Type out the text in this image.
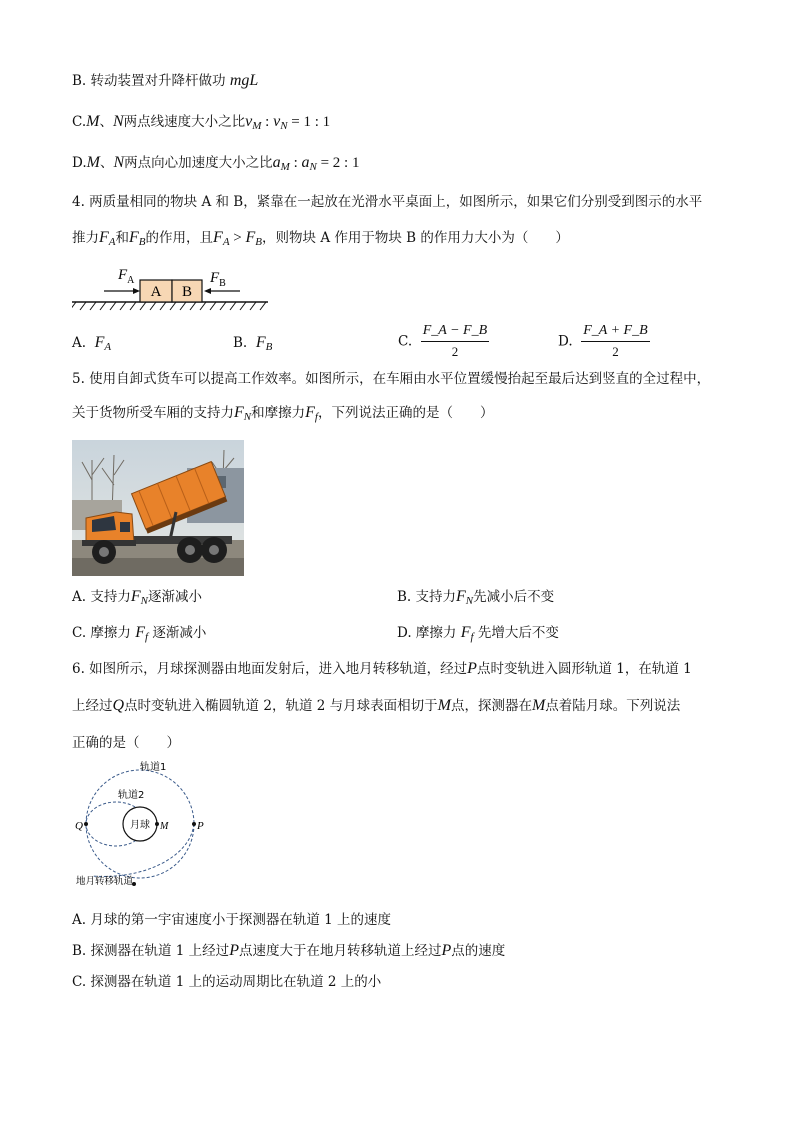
B. 转动装置对升降杆做功 mgL
C.M、N两点线速度大小之比$v_M$ : $v_N = 1$ : 1
D.M、N两点向心加速度大小之比$a_M$ : $a_N = 2$ : 1
4. 两质量相同的物块 A 和 B，紧靠在一起放在光滑水平桌面上，如图所示，如果它们分别受到图示的水平
推力$F_A$和$F_B$的作用，且$F_A > F_B$，则物块 A 作用于物块 B 的作用力大小为（　　）
A B
$F_A$	$F_B$
A. $F_A$	B. $F_B$	C. $\frac{F\_A - F\_B}{2}$	D. $\frac{F\_A + F\_B}{2}$
5. 使用自卸式货车可以提高工作效率。如图所示，在车厢由水平位置缓慢抬起至最后达到竖直的全过程中，
关于货物所受车厢的支持力$F_N$和摩擦力$F_f$，下列说法正确的是（　　）
A. 支持力$F_N$逐渐减小	B. 支持力$F_N$先减小后不变
C. 摩擦力 $F_f$ 逐渐减小	D. 摩擦力 $F_f$ 先增大后不变
6. 如图所示，月球探测器由地面发射后，进入地月转移轨道，经过P点时变轨进入圆形轨道 1，在轨道 1
上经过Q点时变轨进入椭圆轨道 2，轨道 2 与月球表面相切于M点，探测器在M点着陆月球。下列说法
正确的是（　　）
轨道1
轨道2
月球
Q	M	P
地月转移轨道
A. 月球的第一宇宙速度小于探测器在轨道 1 上的速度
B. 探测器在轨道 1 上经过P点速度大于在地月转移轨道上经过P点的速度
C. 探测器在轨道 1 上的运动周期比在轨道 2 上的小
